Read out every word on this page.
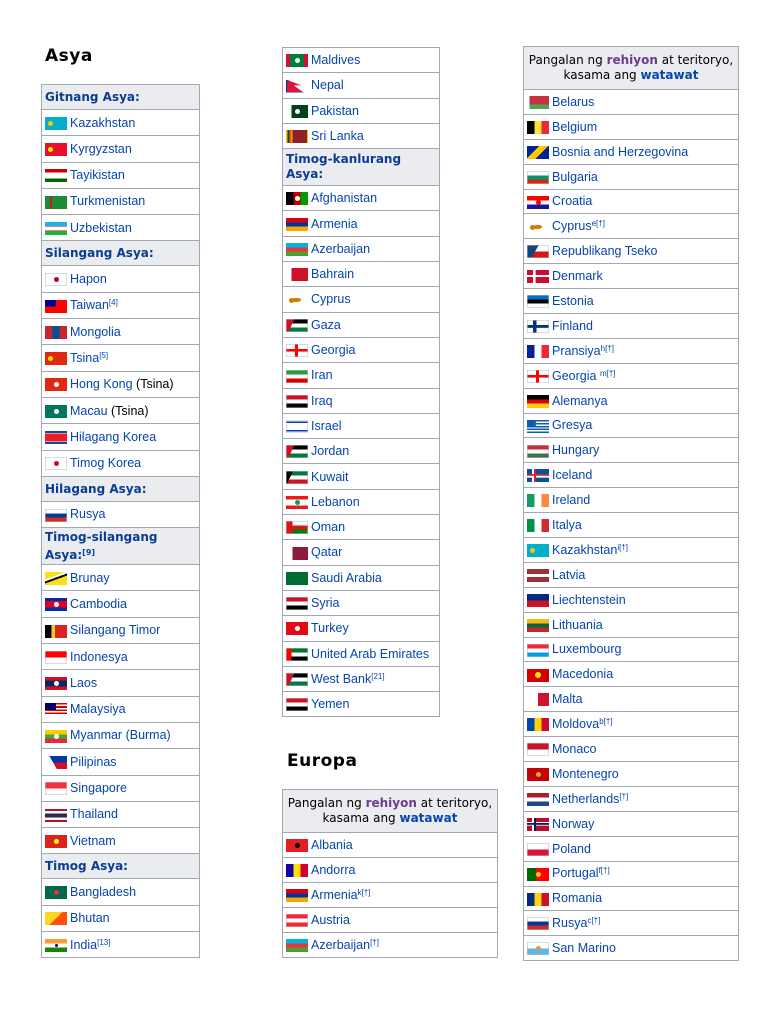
Asya
Gitnang Asya:

Kazakhstan

Kyrgyzstan
Tayikistan
Turkmenistan
Uzbekistan
Silangang Asya:

Hapon
Taiwan[4]
Mongolia

Tsina[5]

Hong Kong (Tsina)

Macau (Tsina)
Hilagang Korea

Timog Korea
Hilagang Asya:
Rusya
Timog-silangang Asya:[9]
Brunay

Cambodia
Silangang Timor
Indonesya

Laos
Malaysiya

Myanmar (Burma)
Pilipinas
Singapore
Thailand

Vietnam
Timog Asya:

Bangladesh
Bhutan

India[13]
Maldives
Nepal

Pakistan
Sri Lanka
Timog-kanlurang Asya:

Afghanistan
Armenia
Azerbaijan
Bahrain

Cyprus
Gaza
Georgia
Iran
Iraq
Israel
Jordan
Kuwait

Lebanon
Oman
Qatar
Saudi Arabia
Syria

Turkey
United Arab Emirates
West Bank[21]
Yemen
Europa
Pangalan ng rehiyon at teritoryo, kasama ang watawat

Albania
Andorra
Armenia$^{k[\dagger]}$
Austria
Azerbaijan[†]
Pangalan ng rehiyon at teritoryo, kasama ang watawat
Belarus
Belgium
Bosnia and Herzegovina
Bulgaria

Croatia

Cyprus$^{e[\dagger]}$
Republikang Tseko
Denmark
Estonia
Finland
Pransiya$^{h[\dagger]}$
Georgia $^{m[\dagger]}$
Alemanya
Gresya
Hungary
Iceland
Ireland
Italya

Kazakhstan$^{i[\dagger]}$
Latvia
Liechtenstein
Lithuania
Luxembourg

Macedonia
Malta
Moldova$^{b[\dagger]}$
Monaco

Montenegro
Netherlands[†]
Norway
Poland

Portugal$^{f[\dagger]}$
Romania
Rusya$^{c[\dagger]}$

San Marino
